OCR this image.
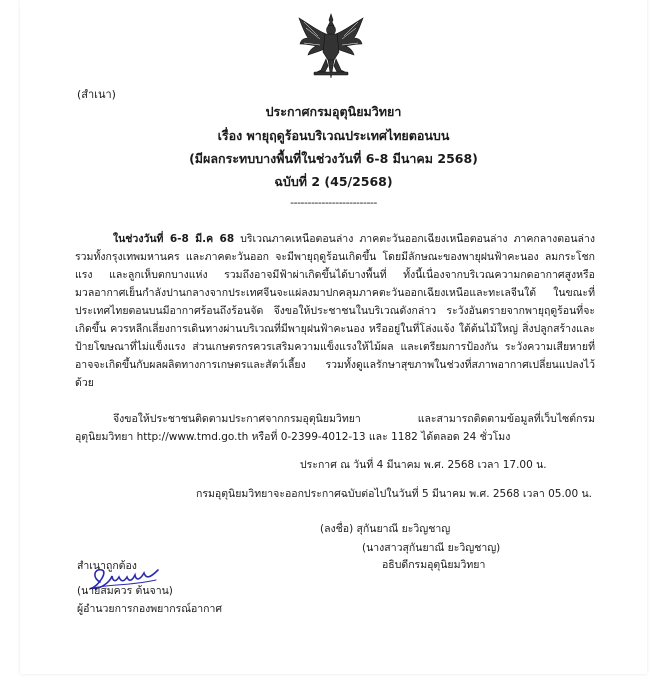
(สำเนา)
ประกาศกรมอุตุนิยมวิทยา
เรื่อง พายุฤดูร้อนบริเวณประเทศไทยตอนบน
(มีผลกระทบบางพื้นที่ในช่วงวันที่ 6-8 มีนาคม 2568)
ฉบับที่ 2 (45/2568)
-------------------------
ในช่วงวันที่ 6-8 มี.ค 68 บริเวณภาคเหนือตอนล่าง ภาคตะวันออกเฉียงเหนือตอนล่าง ภาคกลางตอนล่าง รวมทั้งกรุงเทพมหานคร และภาคตะวันออก จะมีพายุฤดูร้อนเกิดขึ้น โดยมีลักษณะของพายุฝนฟ้าคะนอง ลมกระโชกแรง และลูกเห็บตกบางแห่ง รวมถึงอาจมีฟ้าผ่าเกิดขึ้นได้บางพื้นที่ ทั้งนี้เนื่องจากบริเวณความกดอากาศสูงหรือมวลอากาศเย็นกำลังปานกลางจากประเทศจีนจะแผ่ลงมาปกคลุมภาคตะวันออกเฉียงเหนือและทะเลจีนใต้ ในขณะที่ประเทศไทยตอนบนมีอากาศร้อนถึงร้อนจัด จึงขอให้ประชาชนในบริเวณดังกล่าว ระวังอันตรายจากพายุฤดูร้อนที่จะเกิดขึ้น ควรหลีกเลี่ยงการเดินทางผ่านบริเวณที่มีพายุฝนฟ้าคะนอง หรืออยู่ในที่โล่งแจ้ง ใต้ต้นไม้ใหญ่ สิ่งปลูกสร้างและป้ายโฆษณาที่ไม่แข็งแรง ส่วนเกษตรกรควรเสริมความแข็งแรงให้ไม้ผล และเตรียมการป้องกัน ระวังความเสียหายที่อาจจะเกิดขึ้นกับผลผลิตทางการเกษตรและสัตว์เลี้ยง รวมทั้งดูแลรักษาสุขภาพในช่วงที่สภาพอากาศเปลี่ยนแปลงไว้ด้วย
จึงขอให้ประชาชนติดตามประกาศจากกรมอุตุนิยมวิทยา และสามารถติดตามข้อมูลที่เว็บไซต์กรมอุตุนิยมวิทยา http://www.tmd.go.th หรือที่ 0-2399-4012-13 และ 1182 ได้ตลอด 24 ชั่วโมง
ประกาศ ณ วันที่ 4 มีนาคม พ.ศ. 2568 เวลา 17.00 น.
กรมอุตุนิยมวิทยาจะออกประกาศฉบับต่อไปในวันที่ 5 มีนาคม พ.ศ. 2568 เวลา 05.00 น.
(ลงชื่อ) สุกันยาณี ยะวิญชาญ
(นางสาวสุกันยาณี ยะวิญชาญ)
อธิบดีกรมอุตุนิยมวิทยา
สำเนาถูกต้อง
(นายสมควร ต้นจาน)
ผู้อำนวยการกองพยากรณ์อากาศ
